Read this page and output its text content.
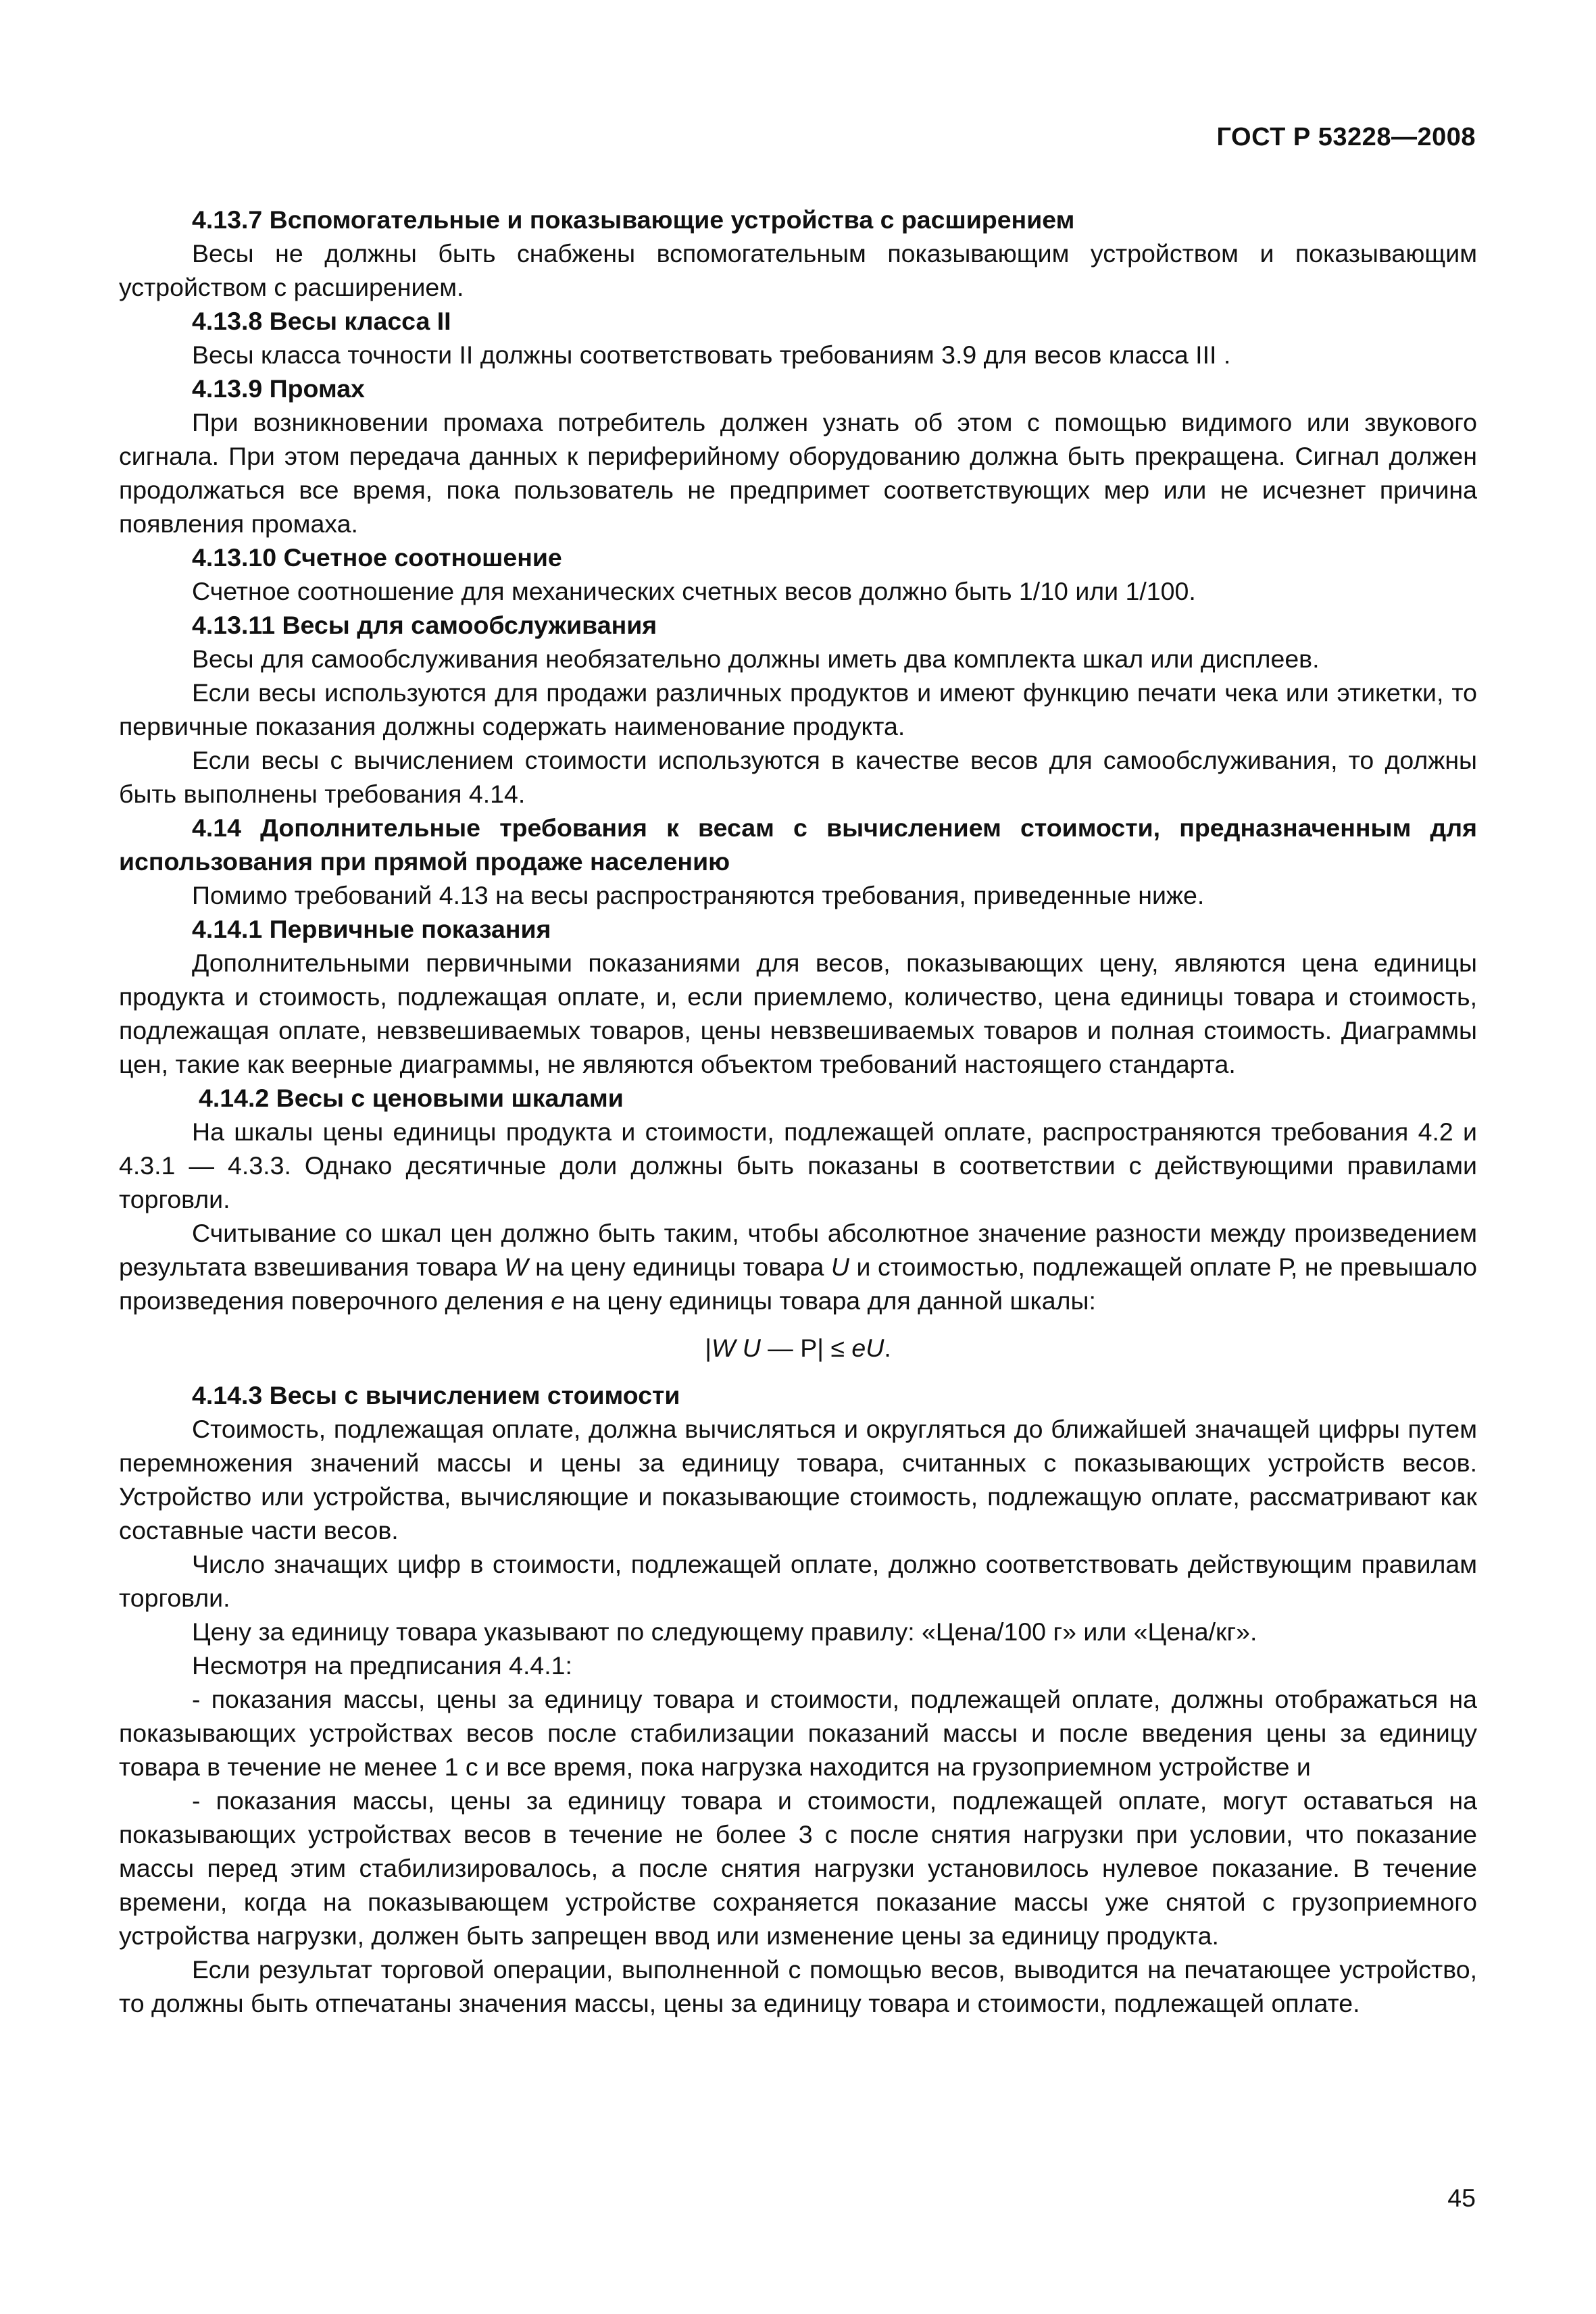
ГОСТ Р 53228—2008

4.13.7 Вспомогательные и показывающие устройства с расширением

Весы не должны быть снабжены вспомогательным показывающим устройством и показывающим устройством с расширением.

4.13.8 Весы класса II

Весы класса точности II должны соответствовать требованиям 3.9 для весов класса III .

4.13.9 Промах

При возникновении промаха потребитель должен узнать об этом с помощью видимого или звукового сигнала. При этом передача данных к периферийному оборудованию должна быть прекращена. Сигнал должен продолжаться все время, пока пользователь не предпримет соответствующих мер или не исчезнет причина появления промаха.

4.13.10 Счетное соотношение

Счетное соотношение для механических счетных весов должно быть 1/10 или 1/100.

4.13.11 Весы для самообслуживания

Весы для самообслуживания необязательно должны иметь два комплекта шкал или дисплеев.

Если весы используются для продажи различных продуктов и имеют функцию печати чека или этикетки, то первичные показания должны содержать наименование продукта.

Если весы с вычислением стоимости используются в качестве весов для самообслуживания, то должны быть выполнены требования 4.14.

4.14 Дополнительные требования к весам с вычислением стоимости, предназначенным для использования при прямой продаже населению

Помимо требований 4.13 на весы распространяются требования, приведенные ниже.

4.14.1 Первичные показания

Дополнительными первичными показаниями для весов, показывающих цену, являются цена единицы продукта и стоимость, подлежащая оплате, и, если приемлемо, количество, цена единицы товара и стоимость, подлежащая оплате, невзвешиваемых товаров, цены невзвешиваемых товаров и полная стоимость. Диаграммы цен, такие как веерные диаграммы, не являются объектом требований настоящего стандарта.

4.14.2 Весы с ценовыми шкалами

На шкалы цены единицы продукта и стоимости, подлежащей оплате, распространяются требования 4.2 и 4.3.1 — 4.3.3. Однако десятичные доли должны быть показаны в соответствии с действующими правилами торговли.

Считывание со шкал цен должно быть таким, чтобы абсолютное значение разности между произведением результата взвешивания товара W на цену единицы товара U и стоимостью, подлежащей оплате Р, не превышало произведения поверочного деления е на цену единицы товара для данной шкалы:

|W U — Р| ≤ eU.

4.14.3 Весы с вычислением стоимости

Стоимость, подлежащая оплате, должна вычисляться и округляться до ближайшей значащей цифры путем перемножения значений массы и цены за единицу товара, считанных с показывающих устройств весов. Устройство или устройства, вычисляющие и показывающие стоимость, подлежащую оплате, рассматривают как составные части весов.

Число значащих цифр в стоимости, подлежащей оплате, должно соответствовать действующим правилам торговли.

Цену за единицу товара указывают по следующему правилу: «Цена/100 г» или «Цена/кг».

Несмотря на предписания 4.4.1:

- показания массы, цены за единицу товара и стоимости, подлежащей оплате, должны отображаться на показывающих устройствах весов после стабилизации показаний массы и после введения цены за единицу товара в течение не менее 1 с и все время, пока нагрузка находится на грузоприемном устройстве и

- показания массы, цены за единицу товара и стоимости, подлежащей оплате, могут оставаться на показывающих устройствах весов в течение не более 3 с после снятия нагрузки при условии, что показание массы перед этим стабилизировалось, а после снятия нагрузки установилось нулевое показание. В течение времени, когда на показывающем устройстве сохраняется показание массы уже снятой с грузоприемного устройства нагрузки, должен быть запрещен ввод или изменение цены за единицу продукта.

Если результат торговой операции, выполненной с помощью весов, выводится на печатающее устройство, то должны быть отпечатаны значения массы, цены за единицу товара и стоимости, подлежащей оплате.

45
